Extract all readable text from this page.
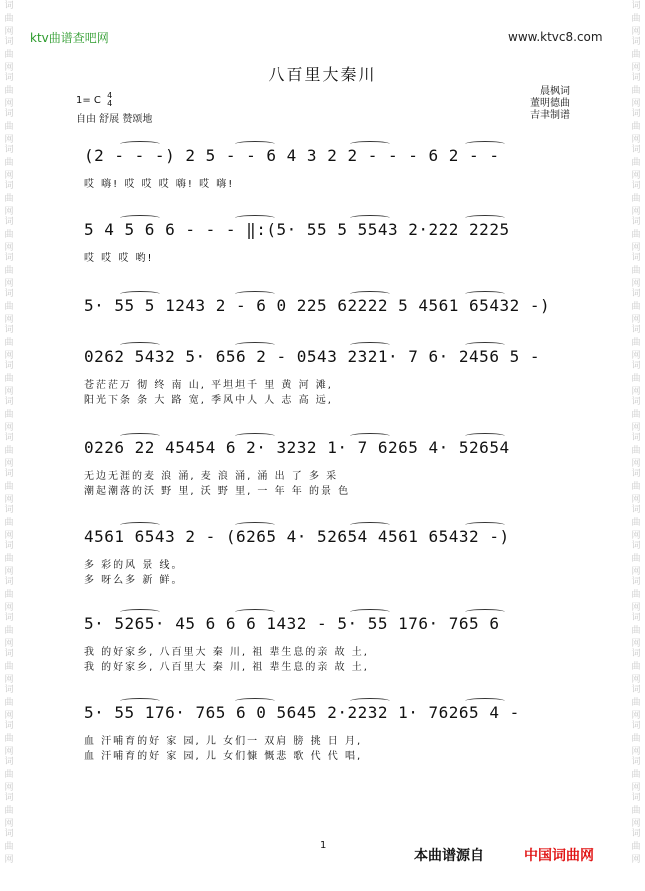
词曲网
词曲网
词曲网
词曲网
词曲网
词曲网
词曲网
词曲网
词曲网
词曲网
词曲网
词曲网
词曲网
词曲网
词曲网
词曲网
词曲网
词曲网
词曲网
词曲网
词曲网
词曲网
词曲网
词曲网
词曲网
词曲网
词曲网
词曲网
词曲网
词曲网
词曲网
词曲网
词曲网
词曲网
词曲网
词曲网
词曲网
词曲网
词曲网
词曲网
词曲网
词曲网
词曲网
词曲网
词曲网
词曲网
词曲网
词曲网
ktv曲谱查吧网	www.ktvc8.com
八百里大秦川
1= C 4
4
自由 舒展 赞颂地
晨枫词
董明德曲
吉聿制谱
(2 - - -) 2 5 - - 6 4 3 2 2 - - - 6 2 - -
哎 嗨! 哎 哎 哎 嗨! 哎 嗨!
5 4 5 6 6 - - - ‖:(5· 55 5 5543 2·222 2225
哎 哎 哎 哟!
5· 55 5 1243 2 - 6 0 225 62222 5 4561 65432 -)
0262 5432 5· 656 2 - 0543 2321· 7 6· 2456 5 -
苍茫茫万 彻 终 南 山, 平坦坦千 里 黄 河 滩,
阳光下条 条 大 路 宽, 季风中人 人 志 高 远,
0226 22 45454 6 2· 3232 1· 7 6265 4· 52654
无边无涯的麦 浪 涌, 麦 浪 涌, 涌 出 了 多 采
潮起潮落的沃 野 里, 沃 野 里, 一 年 年 的景 色
4561 6543 2 - (6265 4· 52654 4561 65432 -)
多 彩的风 景 线。
多 呀么多 新 鲜。
5· 5265· 45 6 6 6 1432 - 5· 55 176· 765 6
我 的好家乡, 八百里大 秦 川, 祖 辈生息的亲 故 土,
我 的好家乡, 八百里大 秦 川, 祖 辈生息的亲 故 土,
5· 55 176· 765 6 0 5645 2·2232 1· 76265 4 -
血 汗哺育的好 家 园, 儿 女们一 双肩 膀 挑 日 月,
血 汗哺育的好 家 园, 儿 女们慷 慨悲 歌 代 代 唱,
1
本曲谱源自	中国词曲网
